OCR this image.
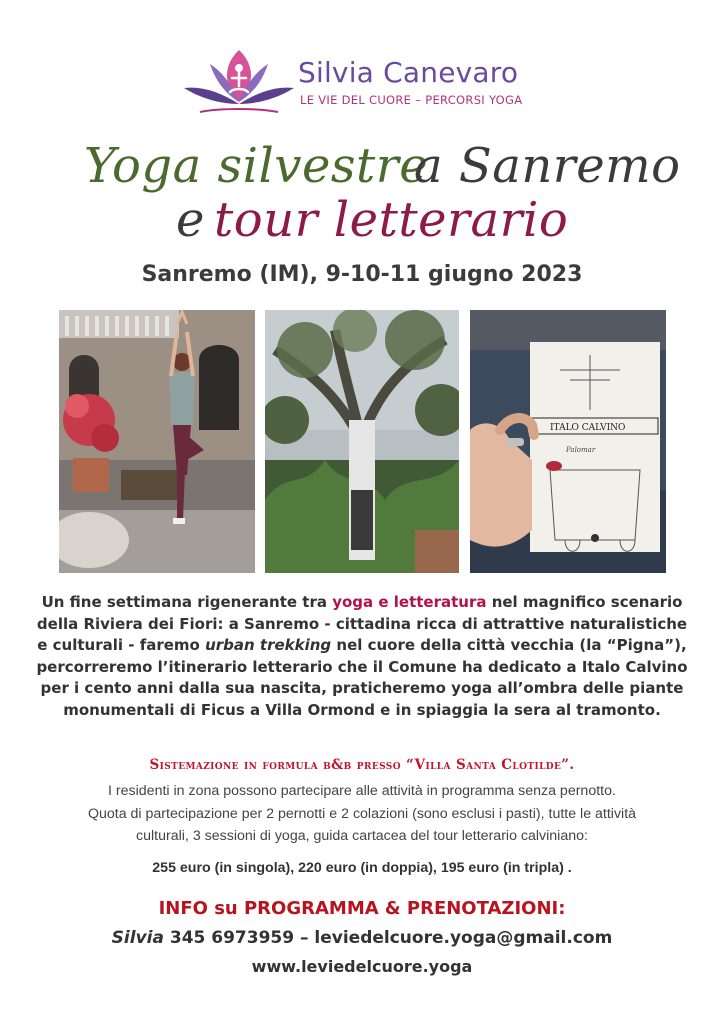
Silvia Canevaro
LE VIE DEL CUORE – PERCORSI YOGA
Yoga silvestre
a Sanremo
e tour letterario
Sanremo (IM), 9-10-11 giugno 2023
ITALO CALVINO
Palomar
Un fine settimana rigenerante tra yoga e letteratura nel magnifico scenario della Riviera dei Fiori: a Sanremo - cittadina ricca di attrattive naturalistiche e culturali - faremo urban trekking nel cuore della città vecchia (la “Pigna”), percorreremo l’itinerario letterario che il Comune ha dedicato a Italo Calvino per i cento anni dalla sua nascita, praticheremo yoga all’ombra delle piante monumentali di Ficus a Villa Ormond e in spiaggia la sera al tramonto.
Sistemazione in formula b&b presso “Villa Santa Clotilde”.
I residenti in zona possono partecipare alle attività in programma senza pernotto.
Quota di partecipazione per 2 pernotti e 2 colazioni (sono esclusi i pasti), tutte le attività
culturali, 3 sessioni di yoga, guida cartacea del tour letterario calviniano:
255 euro (in singola), 220 euro (in doppia), 195 euro (in tripla) .
INFO su PROGRAMMA & PRENOTAZIONI:
Silvia 345 6973959 – leviedelcuore.yoga@gmail.com
www.leviedelcuore.yoga
